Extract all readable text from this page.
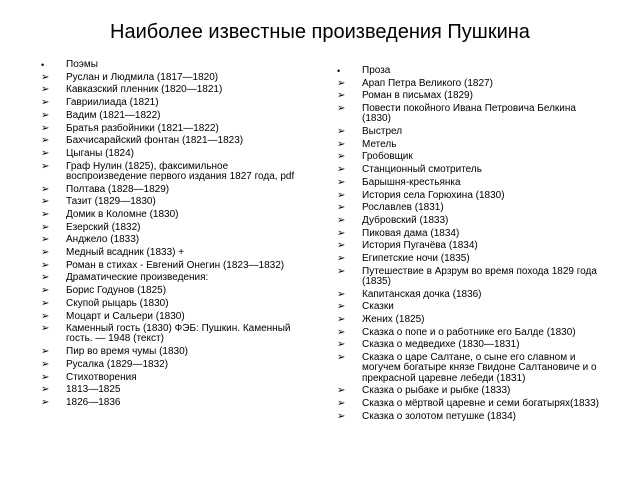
Наиболее известные произведения Пушкина
•	Поэмы
➢	Руслан и Людмила (1817—1820)
➢	Кавказский пленник (1820—1821)
➢	Гавриилиада (1821)
➢	Вадим (1821—1822)
➢	Братья разбойники (1821—1822)
➢	Бахчисарайский фонтан (1821—1823)
➢	Цыганы (1824)
➢	Граф Нулин (1825), факсимильное воспроизведение первого издания 1827 года, pdf
➢	Полтава (1828—1829)
➢	Тазит (1829—1830)
➢	Домик в Коломне (1830)
➢	Езерский (1832)
➢	Анджело (1833)
➢	Медный всадник (1833) +
➢	Роман в стихах - Евгений Онегин (1823—1832)
➢	Драматические произведения:
➢	Борис Годунов (1825)
➢	Скупой рыцарь (1830)
➢	Моцарт и Сальери (1830)
➢	Каменный гость (1830) ФЭБ: Пушкин. Каменный гость. — 1948 (текст)
➢	Пир во время чумы (1830)
➢	Русалка (1829—1832)
➢	Стихотворения
➢	1813—1825
➢	1826—1836
•	Проза
➢	Арап Петра Великого (1827)
➢	Роман в письмах (1829)
➢	Повести покойного Ивана Петровича Белкина (1830)
➢	Выстрел
➢	Метель
➢	Гробовщик
➢	Станционный смотритель
➢	Барышня-крестьянка
➢	История села Горюхина (1830)
➢	Рославлев (1831)
➢	Дубровский (1833)
➢	Пиковая дама (1834)
➢	История Пугачёва (1834)
➢	Египетские ночи (1835)
➢	Путешествие в Арзрум во время похода 1829 года (1835)
➢	Капитанская дочка (1836)
➢	Сказки
➢	Жених (1825)
➢	Сказка о попе и о работнике его Балде (1830)
➢	Сказка о медведихе (1830—1831)
➢	Сказка о царе Салтане, о сыне его славном и могучем богатыре князе Гвидоне Салтановиче и о прекрасной царевне лебеди (1831)
➢	Сказка о рыбаке и рыбке (1833)
➢	Сказка о мёртвой царевне и семи богатырях(1833)
➢	Сказка о золотом петушке (1834)
